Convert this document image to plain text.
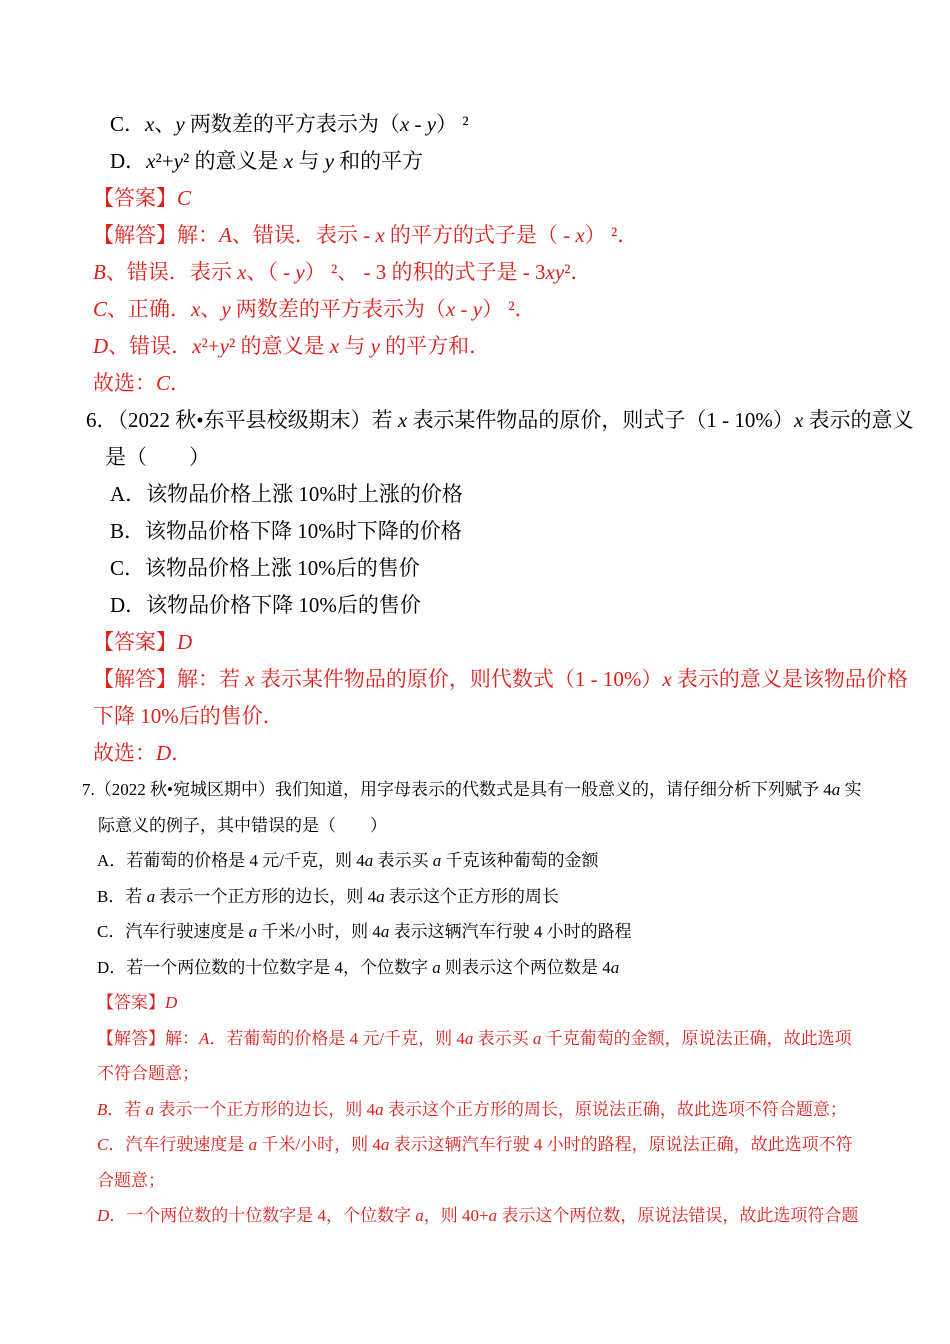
C．x、y 两数差的平方表示为（x - y） ²
D．x²+y² 的意义是 x 与 y 和的平方
【答案】C
【解答】解：A、错误．表示 - x 的平方的式子是（ - x） ²．
B、错误．表示 x、（ - y） ²、 - 3 的积的式子是 - 3xy²．
C、正确．x、y 两数差的平方表示为（x - y） ²．
D、错误．x²+y² 的意义是 x 与 y 的平方和．
故选：C．
6．（2022 秋•东平县校级期末）若 x 表示某件物品的原价，则式子（1 - 10%）x 表示的意义
是（　　）
A．该物品价格上涨 10%时上涨的价格
B．该物品价格下降 10%时下降的价格
C．该物品价格上涨 10%后的售价
D．该物品价格下降 10%后的售价
【答案】D
【解答】解：若 x 表示某件物品的原价，则代数式（1 - 10%）x 表示的意义是该物品价格
下降 10%后的售价．
故选：D．
7.（2022 秋•宛城区期中）我们知道，用字母表示的代数式是具有一般意义的，请仔细分析下列赋予 4a 实
际意义的例子，其中错误的是（　　）
A．若葡萄的价格是 4 元/千克，则 4a 表示买 a 千克该种葡萄的金额
B．若 a 表示一个正方形的边长，则 4a 表示这个正方形的周长
C．汽车行驶速度是 a 千米/小时，则 4a 表示这辆汽车行驶 4 小时的路程
D．若一个两位数的十位数字是 4，个位数字 a 则表示这个两位数是 4a
【答案】D
【解答】解：A．若葡萄的价格是 4 元/千克，则 4a 表示买 a 千克葡萄的金额，原说法正确，故此选项
不符合题意；
B．若 a 表示一个正方形的边长，则 4a 表示这个正方形的周长，原说法正确，故此选项不符合题意；
C．汽车行驶速度是 a 千米/小时，则 4a 表示这辆汽车行驶 4 小时的路程，原说法正确，故此选项不符
合题意；
D．一个两位数的十位数字是 4，个位数字 a，则 40+a 表示这个两位数，原说法错误，故此选项符合题
